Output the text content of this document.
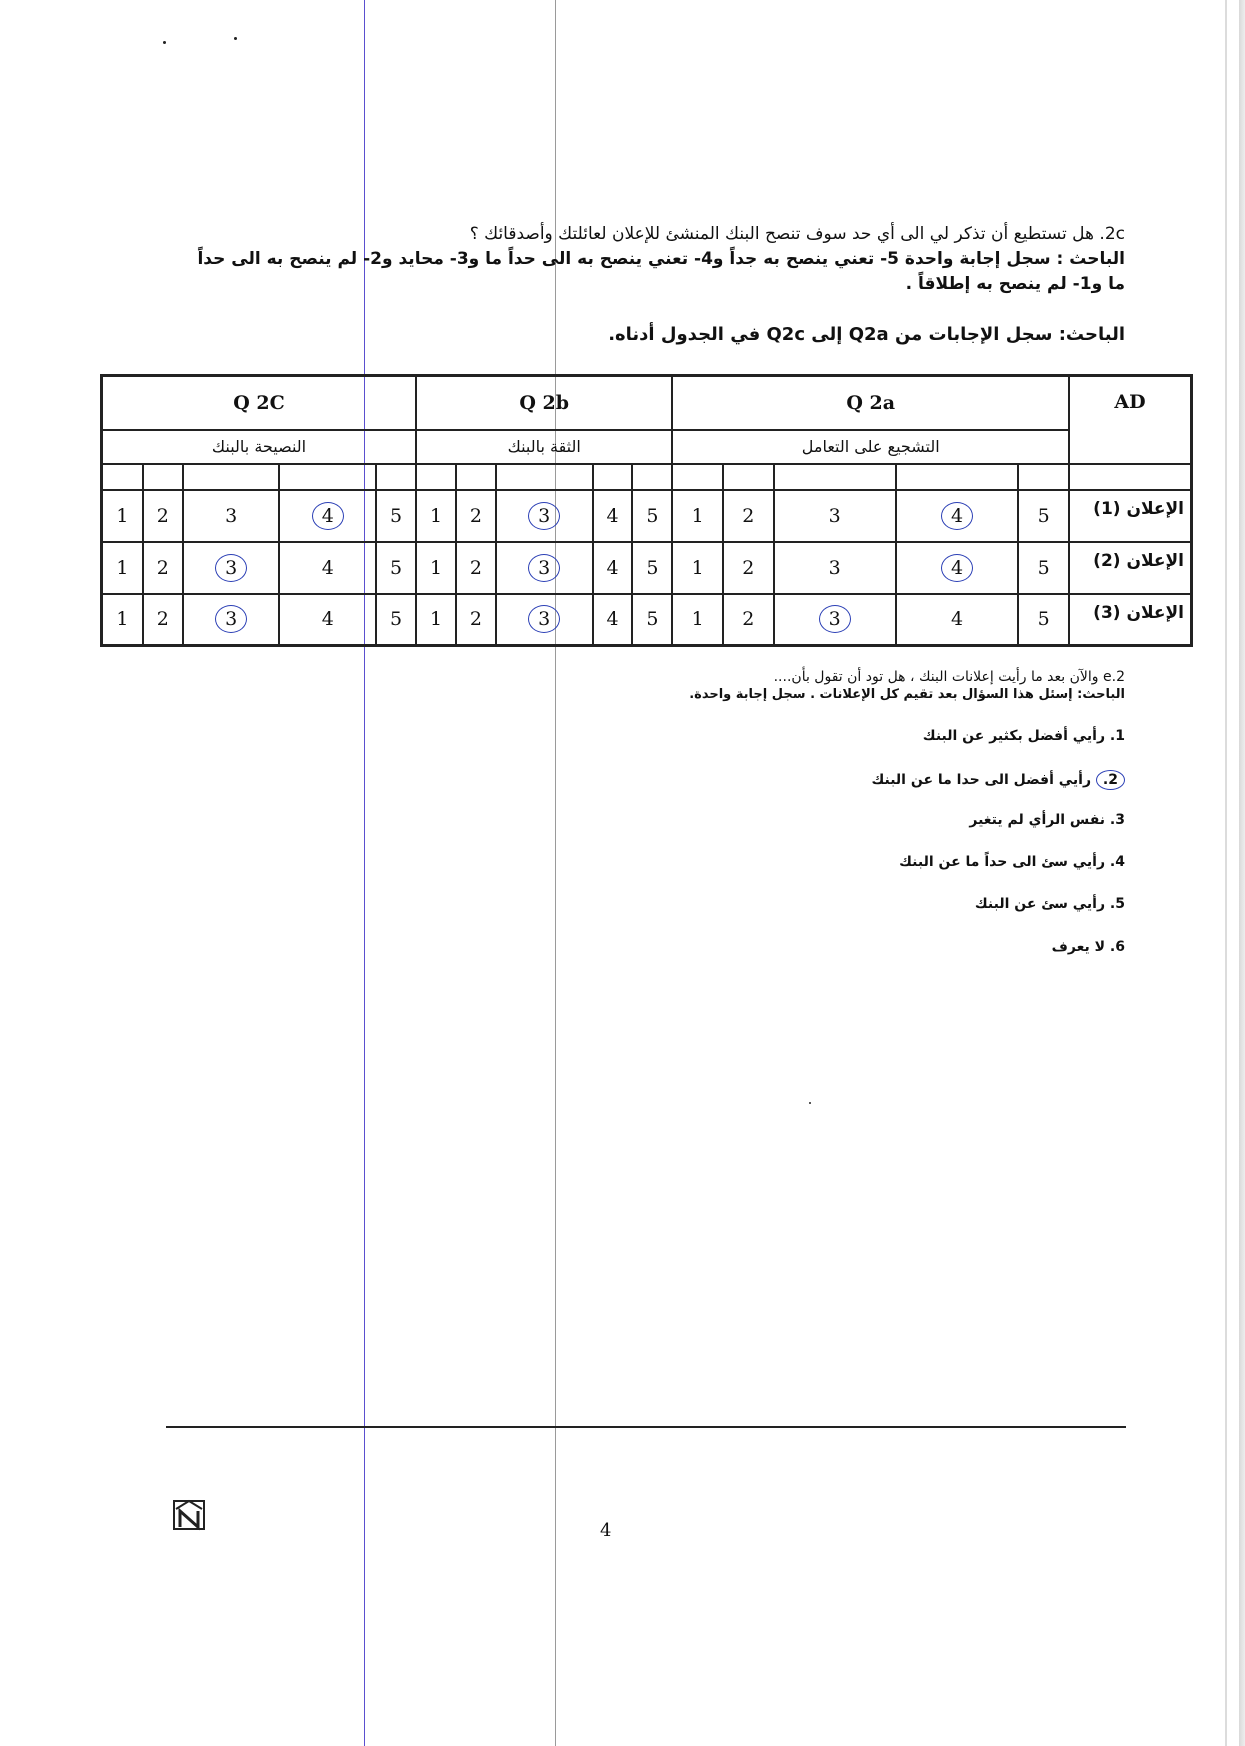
2c. هل تستطيع أن تذكر لي الى أي حد سوف تنصح البنك المنشئ للإعلان لعائلتك وأصدقائك ؟
الباحث : سجل إجابة واحدة 5- تعني ينصح به جداً و4- تعني ينصح به الى حداً ما و3- محايد و2- لم ينصح به الى حداً ما و1- لم ينصح به إطلاقاً .
الباحث: سجل الإجابات من Q2a إلى Q2c في الجدول أدناه.
Q 2C					Q 2b					Q 2a					AD
النصيحة بالبنك					الثقة بالبنك					التشجيع على التعامل					

1	2	3	4	5	1	2	3	4	5	1	2	3	4	5	الإعلان (1)
1	2	3	4	5	1	2	3	4	5	1	2	3	4	5	الإعلان (2)
1	2	3	4	5	1	2	3	4	5	1	2	3	4	5	الإعلان (3)
2.e والآن بعد ما رأيت إعلانات البنك ، هل تود أن تقول بأن....
الباحث: إسئل هذا السؤال بعد تقيم كل الإعلانات . سجل إجابة واحدة.
1. رأيي أفضل بكثير عن البنك
2. رأيي أفضل الى حدا ما عن البنك
3. نفس الرأي لم يتغير
4. رأيي سئ الى حداً ما عن البنك
5. رأيي سئ عن البنك
6. لا يعرف
4
